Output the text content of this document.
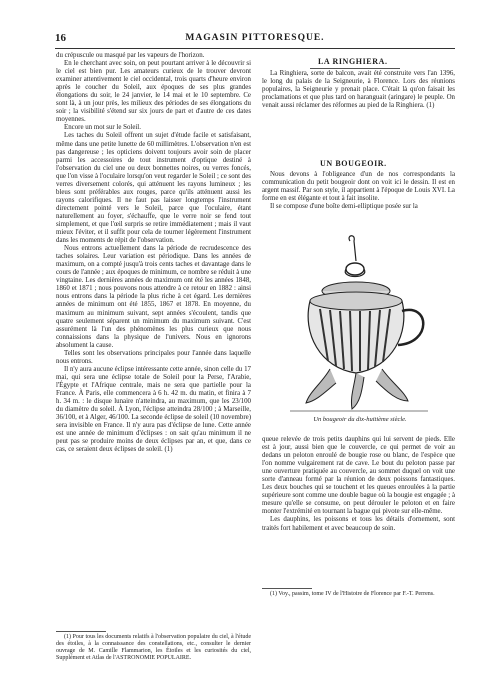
16	MAGASIN PITTORESQUE.

du crépuscule ou masqué par les vapeurs de l'horizon.

En le cherchant avec soin, on peut pourtant arriver à le découvrir si le ciel est bien pur. Les amateurs curieux de le trouver devront examiner attentivement le ciel occidental, trois quarts d'heure environ après le coucher du Soleil, aux époques de ses plus grandes élongations du soir, le 24 janvier, le 14 mai et le 10 septembre. Ce sont là, à un jour près, les milieux des périodes de ses élongations du soir ; la visibilité s'étend sur six jours de part et d'autre de ces dates moyennes.

Encore un mot sur le Soleil.

Les taches du Soleil offrent un sujet d'étude facile et satisfaisant, même dans une petite lunette de 60 millimètres. L'observation n'en est pas dangereuse ; les opticiens doivent toujours avoir soin de placer parmi les accessoires de tout instrument d'optique destiné à l'observation du ciel une ou deux bonnettes noires, ou verres foncés, que l'on visse à l'oculaire lorsqu'on veut regarder le Soleil ; ce sont des verres diversement colorés, qui atténuent les rayons lumineux ; les bleus sont préférables aux rouges, parce qu'ils atténuent aussi les rayons calorifiques. Il ne faut pas laisser longtemps l'instrument directement pointé vers le Soleil, parce que l'oculaire, étant naturellement au foyer, s'échauffe, que le verre noir se fend tout simplement, et que l'œil surpris se retire immédiatement ; mais il vaut mieux l'éviter, et il suffit pour cela de tourner légèrement l'instrument dans les moments de répit de l'observation.

Nous entrons actuellement dans la période de recrudescence des taches solaires. Leur variation est périodique. Dans les années de maximum, on a compté jusqu'à trois cents taches et davantage dans le cours de l'année ; aux époques de minimum, ce nombre se réduit à une vingtaine. Les dernières années de maximum ont été les années 1848, 1860 et 1871 ; nous pouvons nous attendre à ce retour en 1882 : ainsi nous entrons dans la période la plus riche à cet égard. Les dernières années de minimum ont été 1855, 1867 et 1878. En moyenne, du maximum au minimum suivant, sept années s'écoulent, tandis que quatre seulement séparent un minimum du maximum suivant. C'est assurément là l'un des phénomènes les plus curieux que nous connaissions dans la physique de l'univers. Nous en ignorons absolument la cause.

Telles sont les observations principales pour l'année dans laquelle nous entrons.

Il n'y aura aucune éclipse intéressante cette année, sinon celle du 17 mai, qui sera une éclipse totale de Soleil pour la Perse, l'Arabie, l'Égypte et l'Afrique centrale, mais ne sera que partielle pour la France. À Paris, elle commencera à 6 h. 42 m. du matin, et finira à 7 h. 34 m. : le disque lunaire n'atteindra, au maximum, que les 23/100 du diamètre du soleil. À Lyon, l'éclipse atteindra 28/100 ; à Marseille, 36/100, et à Alger, 46/100. La seconde éclipse de soleil (10 novembre) sera invisible en France. Il n'y aura pas d'éclipse de lune. Cette année est une année de minimum d'éclipses : on sait qu'au minimum il ne peut pas se produire moins de deux éclipses par an, et que, dans ce cas, ce seraient deux éclipses de soleil. (1)

(1) Pour tous les documents relatifs à l'observation populaire du ciel, à l'étude des étoiles, à la connaissance des constellations, etc., consulter le dernier ouvrage de M. Camille Flammarion, les Étoiles et les curiosités du ciel, Supplément et Atlas de l'ASTRONOMIE POPULAIRE.

LA RINGHIERA.

La Ringhiera, sorte de balcon, avait été construite vers l'an 1396, le long du palais de la Seigneurie, à Florence. Lors des réunions populaires, la Seigneurie y prenait place. C'était là qu'on faisait les proclamations et que plus tard on haranguait (aringare) le peuple. On venait aussi réclamer des réformes au pied de la Ringhiera. (1)

UN BOUGEOIR.

Nous devons à l'obligeance d'un de nos correspondants la communication du petit bougeoir dont on voit ici le dessin. Il est en argent massif. Par son style, il appartient à l'époque de Louis XVI. La forme en est élégante et tout à fait insolite.

Il se compose d'une boîte demi-elliptique posée sur la

Un bougeoir du dix-huitième siècle.

queue relevée de trois petits dauphins qui lui servent de pieds. Elle est à jour, aussi bien que le couvercle, ce qui permet de voir au dedans un peloton enroulé de bougie rose ou blanc, de l'espèce que l'on nomme vulgairement rat de cave. Le bout du peloton passe par une ouverture pratiquée au couvercle, au sommet duquel on voit une sorte d'anneau formé par la réunion de deux poissons fantastiques. Les deux bouches qui se touchent et les queues enroulées à la partie supérieure sont comme une double bague où la bougie est engagée ; à mesure qu'elle se consume, on peut dérouler le peloton et en faire monter l'extrémité en tournant la bague qui pivote sur elle-même.

Les dauphins, les poissons et tous les détails d'ornement, sont traités fort habilement et avec beaucoup de soin.

(1) Voy., passim, tome IV de l'Histoire de Florence par F.-T. Perrens.
